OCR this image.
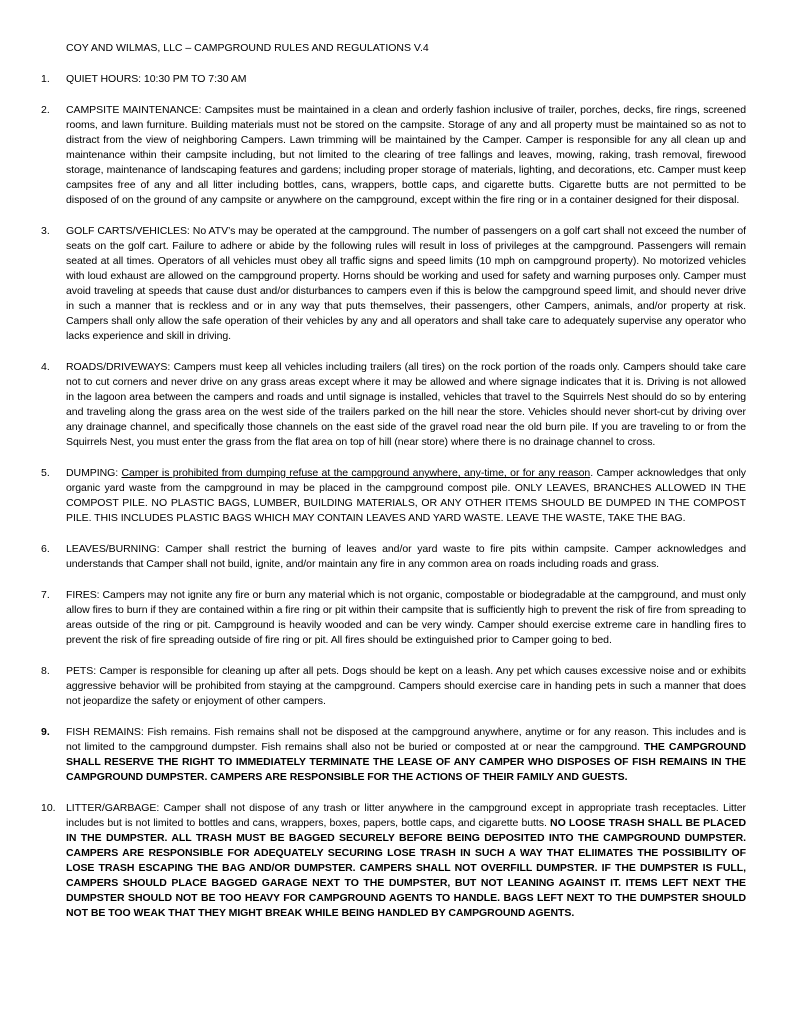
COY AND WILMAS, LLC – CAMPGROUND RULES AND REGULATIONS V.4
1.	QUIET HOURS: 10:30 PM TO 7:30 AM
2.	CAMPSITE MAINTENANCE: Campsites must be maintained in a clean and orderly fashion inclusive of trailer, porches, decks, fire rings, screened rooms, and lawn furniture. Building materials must not be stored on the campsite. Storage of any and all property must be maintained so as not to distract from the view of neighboring Campers. Lawn trimming will be maintained by the Camper. Camper is responsible for any all clean up and maintenance within their campsite including, but not limited to the clearing of tree fallings and leaves, mowing, raking, trash removal, firewood storage, maintenance of landscaping features and gardens; including proper storage of materials, lighting, and decorations, etc. Camper must keep campsites free of any and all litter including bottles, cans, wrappers, bottle caps, and cigarette butts. Cigarette butts are not permitted to be disposed of on the ground of any campsite or anywhere on the campground, except within the fire ring or in a container designed for their disposal.
3.	GOLF CARTS/VEHICLES: No ATV’s may be operated at the campground. The number of passengers on a golf cart shall not exceed the number of seats on the golf cart. Failure to adhere or abide by the following rules will result in loss of privileges at the campground. Passengers will remain seated at all times. Operators of all vehicles must obey all traffic signs and speed limits (10 mph on campground property). No motorized vehicles with loud exhaust are allowed on the campground property. Horns should be working and used for safety and warning purposes only. Camper must avoid traveling at speeds that cause dust and/or disturbances to campers even if this is below the campground speed limit, and should never drive in such a manner that is reckless and or in any way that puts themselves, their passengers, other Campers, animals, and/or property at risk. Campers shall only allow the safe operation of their vehicles by any and all operators and shall take care to adequately supervise any operator who lacks experience and skill in driving.
4.	ROADS/DRIVEWAYS: Campers must keep all vehicles including trailers (all tires) on the rock portion of the roads only. Campers should take care not to cut corners and never drive on any grass areas except where it may be allowed and where signage indicates that it is. Driving is not allowed in the lagoon area between the campers and roads and until signage is installed, vehicles that travel to the Squirrels Nest should do so by entering and traveling along the grass area on the west side of the trailers parked on the hill near the store. Vehicles should never short-cut by driving over any drainage channel, and specifically those channels on the east side of the gravel road near the old burn pile. If you are traveling to or from the Squirrels Nest, you must enter the grass from the flat area on top of hill (near store) where there is no drainage channel to cross.
5.	DUMPING: Camper is prohibited from dumping refuse at the campground anywhere, any-time, or for any reason. Camper acknowledges that only organic yard waste from the campground in may be placed in the campground compost pile. ONLY LEAVES, BRANCHES ALLOWED IN THE COMPOST PILE. NO PLASTIC BAGS, LUMBER, BUILDING MATERIALS, OR ANY OTHER ITEMS SHOULD BE DUMPED IN THE COMPOST PILE. THIS INCLUDES PLASTIC BAGS WHICH MAY CONTAIN LEAVES AND YARD WASTE. LEAVE THE WASTE, TAKE THE BAG.
6.	LEAVES/BURNING: Camper shall restrict the burning of leaves and/or yard waste to fire pits within campsite. Camper acknowledges and understands that Camper shall not build, ignite, and/or maintain any fire in any common area on roads including roads and grass.
7.	FIRES: Campers may not ignite any fire or burn any material which is not organic, compostable or biodegradable at the campground, and must only allow fires to burn if they are contained within a fire ring or pit within their campsite that is sufficiently high to prevent the risk of fire from spreading to areas outside of the ring or pit. Campground is heavily wooded and can be very windy. Camper should exercise extreme care in handling fires to prevent the risk of fire spreading outside of fire ring or pit. All fires should be extinguished prior to Camper going to bed.
8.	PETS: Camper is responsible for cleaning up after all pets. Dogs should be kept on a leash. Any pet which causes excessive noise and or exhibits aggressive behavior will be prohibited from staying at the campground. Campers should exercise care in handing pets in such a manner that does not jeopardize the safety or enjoyment of other campers.
9.	FISH REMAINS: Fish remains. Fish remains shall not be disposed at the campground anywhere, anytime or for any reason. This includes and is not limited to the campground dumpster. Fish remains shall also not be buried or composted at or near the campground. THE CAMPGROUND SHALL RESERVE THE RIGHT TO IMMEDIATELY TERMINATE THE LEASE OF ANY CAMPER WHO DISPOSES OF FISH REMAINS IN THE CAMPGROUND DUMPSTER. CAMPERS ARE RESPONSIBLE FOR THE ACTIONS OF THEIR FAMILY AND GUESTS.
10. LITTER/GARBAGE: Camper shall not dispose of any trash or litter anywhere in the campground except in appropriate trash receptacles. Litter includes but is not limited to bottles and cans, wrappers, boxes, papers, bottle caps, and cigarette butts. NO LOOSE TRASH SHALL BE PLACED IN THE DUMPSTER. ALL TRASH MUST BE BAGGED SECURELY BEFORE BEING DEPOSITED INTO THE CAMPGROUND DUMPSTER. CAMPERS ARE RESPONSIBLE FOR ADEQUATELY SECURING LOSE TRASH IN SUCH A WAY THAT ELIIMATES THE POSSIBILITY OF LOSE TRASH ESCAPING THE BAG AND/OR DUMPSTER. CAMPERS SHALL NOT OVERFILL DUMPSTER. IF THE DUMPSTER IS FULL, CAMPERS SHOULD PLACE BAGGED GARAGE NEXT TO THE DUMPSTER, BUT NOT LEANING AGAINST IT. ITEMS LEFT NEXT THE DUMPSTER SHOULD NOT BE TOO HEAVY FOR CAMPGROUND AGENTS TO HANDLE. BAGS LEFT NEXT TO THE DUMPSTER SHOULD NOT BE TOO WEAK THAT THEY MIGHT BREAK WHILE BEING HANDLED BY CAMPGROUND AGENTS.
